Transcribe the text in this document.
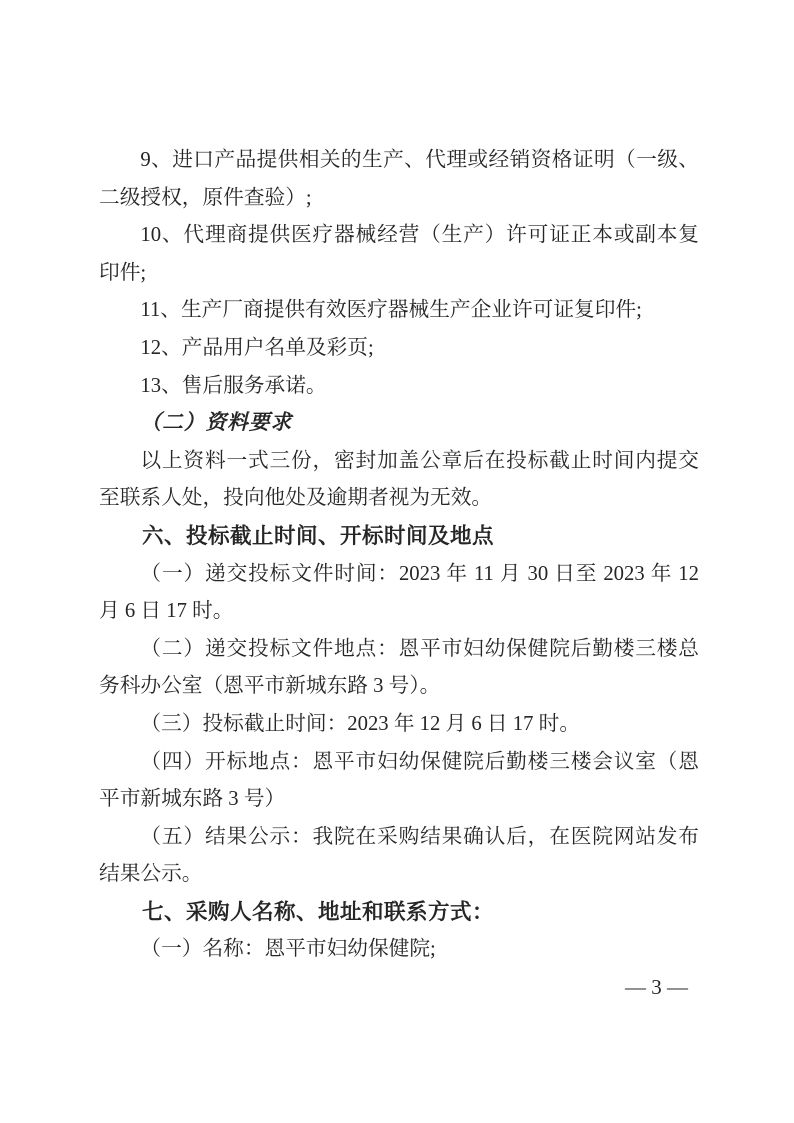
9、进口产品提供相关的生产、代理或经销资格证明（一级、
二级授权，原件查验）;
10、代理商提供医疗器械经营（生产）许可证正本或副本复
印件;
11、生产厂商提供有效医疗器械生产企业许可证复印件;
12、产品用户名单及彩页;
13、售后服务承诺。
（二）资料要求
以上资料一式三份，密封加盖公章后在投标截止时间内提交
至联系人处，投向他处及逾期者视为无效。
六、投标截止时间、开标时间及地点
（一）递交投标文件时间：2023 年 11 月 30 日至 2023 年 12
月 6 日 17 时。
（二）递交投标文件地点：恩平市妇幼保健院后勤楼三楼总
务科办公室（恩平市新城东路 3 号）。
（三）投标截止时间：2023 年 12 月 6 日 17 时。
（四）开标地点：恩平市妇幼保健院后勤楼三楼会议室（恩
平市新城东路 3 号）
（五）结果公示：我院在采购结果确认后，在医院网站发布
结果公示。
七、采购人名称、地址和联系方式：
（一）名称：恩平市妇幼保健院;
— 3 —
